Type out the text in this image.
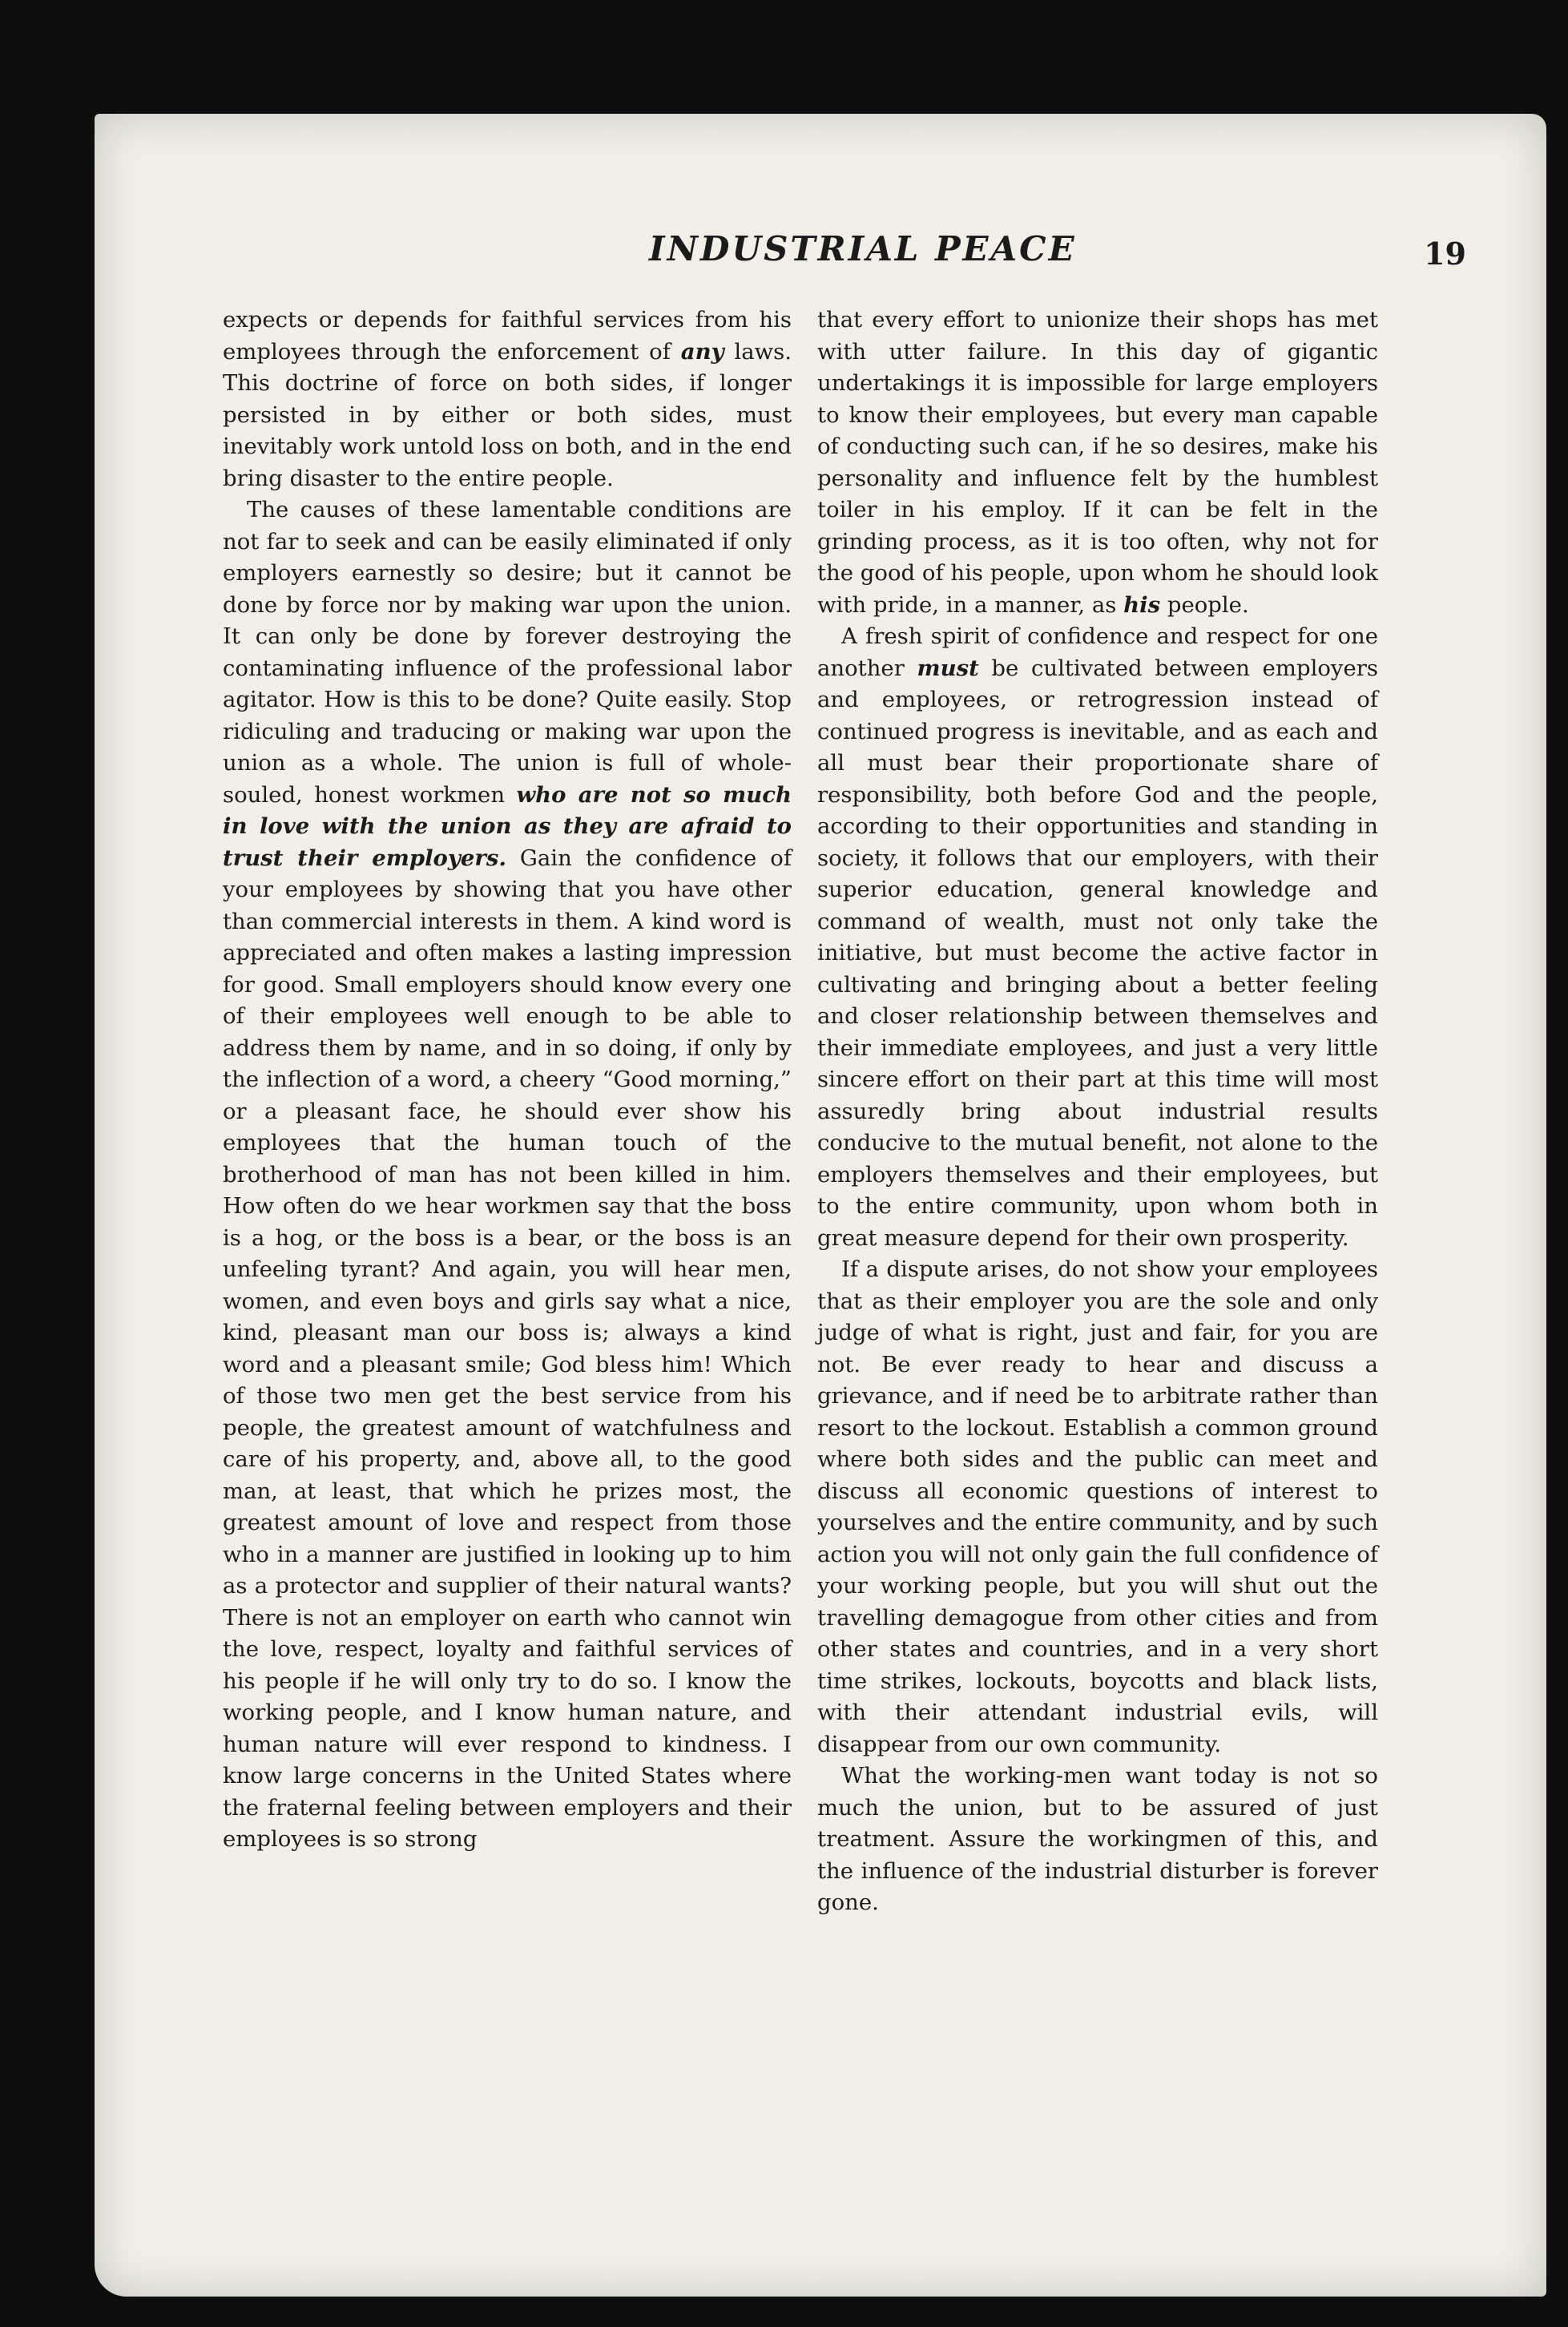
INDUSTRIAL PEACE	19

expects or depends for faithful services from his employees through the enforcement of any laws. This doctrine of force on both sides, if longer persisted in by either or both sides, must inevitably work untold loss on both, and in the end bring disaster to the entire people.

The causes of these lamentable conditions are not far to seek and can be easily eliminated if only employers earnestly so desire; but it cannot be done by force nor by making war upon the union. It can only be done by forever destroying the contaminating influence of the professional labor agitator. How is this to be done? Quite easily. Stop ridiculing and traducing or making war upon the union as a whole. The union is full of whole-souled, honest workmen who are not so much in love with the union as they are afraid to trust their employers. Gain the confidence of your employees by showing that you have other than commercial interests in them. A kind word is appreciated and often makes a lasting impression for good. Small employers should know every one of their employees well enough to be able to address them by name, and in so doing, if only by the inflection of a word, a cheery “Good morning,” or a pleasant face, he should ever show his employees that the human touch of the brotherhood of man has not been killed in him. How often do we hear workmen say that the boss is a hog, or the boss is a bear, or the boss is an unfeeling tyrant? And again, you will hear men, women, and even boys and girls say what a nice, kind, pleasant man our boss is; always a kind word and a pleasant smile; God bless him! Which of those two men get the best service from his people, the greatest amount of watchfulness and care of his property, and, above all, to the good man, at least, that which he prizes most, the greatest amount of love and respect from those who in a manner are justified in looking up to him as a protector and supplier of their natural wants? There is not an employer on earth who cannot win the love, respect, loyalty and faithful services of his people if he will only try to do so. I know the working people, and I know human nature, and human nature will ever respond to kindness. I know large concerns in the United States where the fraternal feeling between employers and their employees is so strong

that every effort to unionize their shops has met with utter failure. In this day of gigantic undertakings it is impossible for large employers to know their employees, but every man capable of conducting such can, if he so desires, make his personality and influence felt by the humblest toiler in his employ. If it can be felt in the grinding process, as it is too often, why not for the good of his people, upon whom he should look with pride, in a manner, as his people.

A fresh spirit of confidence and respect for one another must be cultivated between employers and employees, or retrogression instead of continued progress is inevitable, and as each and all must bear their proportionate share of responsibility, both before God and the people, according to their opportunities and standing in society, it follows that our employers, with their superior education, general knowledge and command of wealth, must not only take the initiative, but must become the active factor in cultivating and bringing about a better feeling and closer relationship between themselves and their immediate employees, and just a very little sincere effort on their part at this time will most assuredly bring about industrial results conducive to the mutual benefit, not alone to the employers themselves and their employees, but to the entire community, upon whom both in great measure depend for their own prosperity.

If a dispute arises, do not show your employees that as their employer you are the sole and only judge of what is right, just and fair, for you are not. Be ever ready to hear and discuss a grievance, and if need be to arbitrate rather than resort to the lockout. Establish a common ground where both sides and the public can meet and discuss all economic questions of interest to yourselves and the entire community, and by such action you will not only gain the full confidence of your working people, but you will shut out the travelling demagogue from other cities and from other states and countries, and in a very short time strikes, lockouts, boycotts and black lists, with their attendant industrial evils, will disappear from our own community.

What the working-men want today is not so much the union, but to be assured of just treatment. Assure the workingmen of this, and the influence of the industrial disturber is forever gone.
